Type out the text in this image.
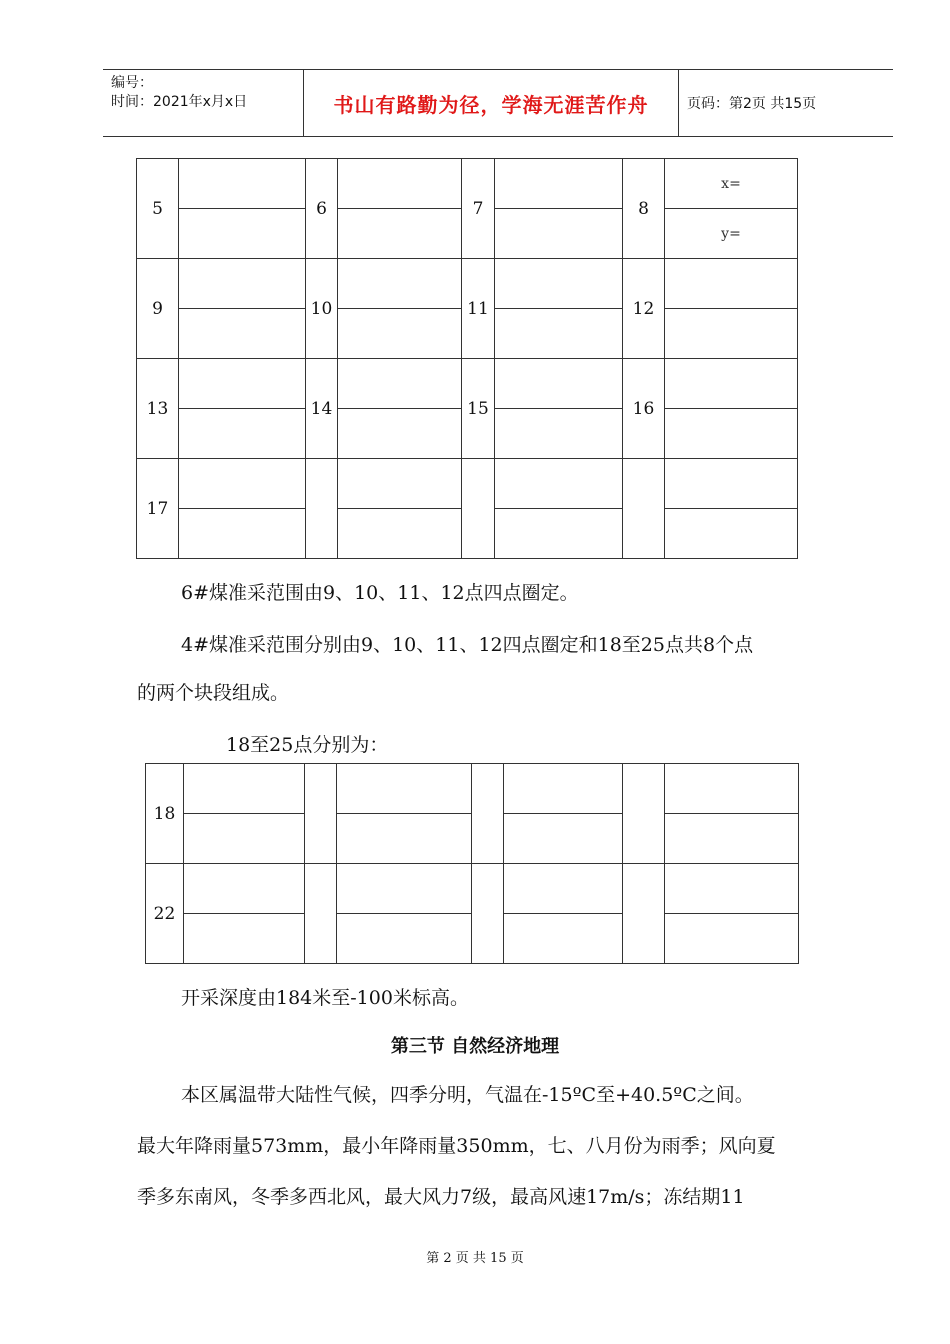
编号：
时间：2021年x月x日	书山有路勤为径，学海无涯苦作舟	页码：第2页 共15页
5		6		7		8	x=
							y=
9		10		11		12	

13		14		15		16	

17							

6#煤准采范围由9、10、11、12点四点圈定。
4#煤准采范围分别由9、10、11、12四点圈定和18至25点共8个点
的两个块段组成。
18至25点分别为：
18							

22							

开采深度由184米至-100米标高。
第三节 自然经济地理
本区属温带大陆性气候，四季分明，气温在-15ºC至+40.5ºC之间。
最大年降雨量573mm，最小年降雨量350mm，七、八月份为雨季；风向夏
季多东南风，冬季多西北风，最大风力7级，最高风速17m/s；冻结期11
第 2 页 共 15 页
